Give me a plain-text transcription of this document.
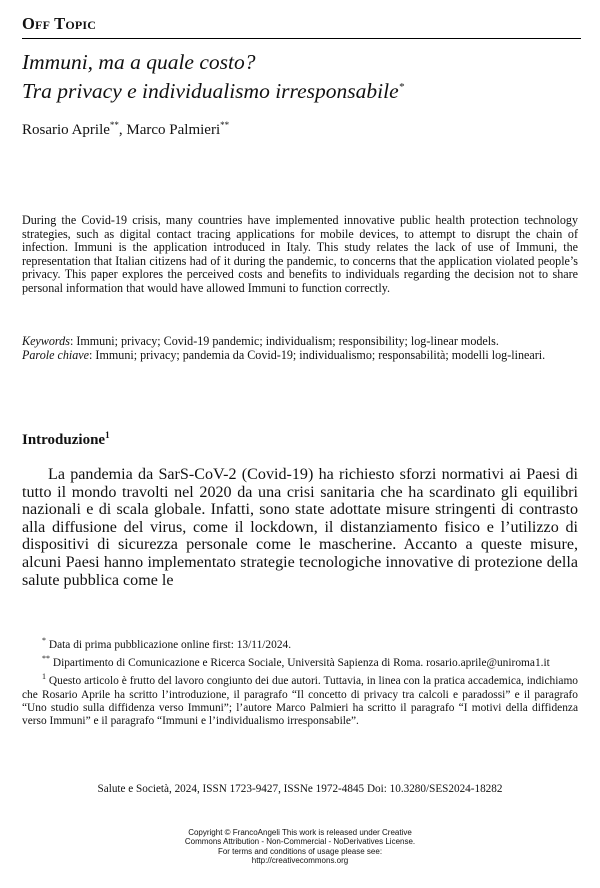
Off Topic
Immuni, ma a quale costo?
Tra privacy e individualismo irresponsabile*
Rosario Aprile**, Marco Palmieri**
During the Covid-19 crisis, many countries have implemented innovative public health protection technology strategies, such as digital contact tracing applications for mobile devices, to attempt to disrupt the chain of infection. Immuni is the application introduced in Italy. This study relates the lack of use of Immuni, the representation that Italian citizens had of it during the pandemic, to concerns that the application violated people’s privacy. This paper explores the perceived costs and benefits to individuals regarding the decision not to share personal information that would have allowed Immuni to function correctly.

Keywords: Immuni; privacy; Covid-19 pandemic; individualism; responsibility; log-linear models.

Parole chiave: Immuni; privacy; pandemia da Covid-19; individualismo; responsabilità; modelli log-lineari.

Introduzione$^1$

La pandemia da SarS-CoV-2 (Covid-19) ha richiesto sforzi normativi ai Paesi di tutto il mondo travolti nel 2020 da una crisi sanitaria che ha scardinato gli equilibri nazionali e di scala globale. Infatti, sono state adottate misure stringenti di contrasto alla diffusione del virus, come il lockdown, il distanziamento fisico e l’utilizzo di dispositivi di sicurezza personale come le mascherine. Accanto a queste misure, alcuni Paesi hanno implementato strategie tecnologiche innovative di protezione della salute pubblica come le

* Data di prima pubblicazione online first: 13/11/2024.

** Dipartimento di Comunicazione e Ricerca Sociale, Università Sapienza di Roma. rosario.aprile@uniroma1.it

$^1$ Questo articolo è frutto del lavoro congiunto dei due autori. Tuttavia, in linea con la pratica accademica, indichiamo che Rosario Aprile ha scritto l’introduzione, il paragrafo “Il concetto di privacy tra calcoli e paradossi” e il paragrafo “Uno studio sulla diffidenza verso Immuni”; l’autore Marco Palmieri ha scritto il paragrafo “I motivi della diffidenza verso Immuni” e il paragrafo “Immuni e l’individualismo irresponsabile”.

Salute e Società, 2024, ISSN 1723-9427, ISSNe 1972-4845 Doi: 10.3280/SES2024-18282
Copyright © FrancoAngeli This work is released under Creative
Commons Attribution - Non-Commercial - NoDerivatives License.
For terms and conditions of usage please see:
http://creativecommons.org
